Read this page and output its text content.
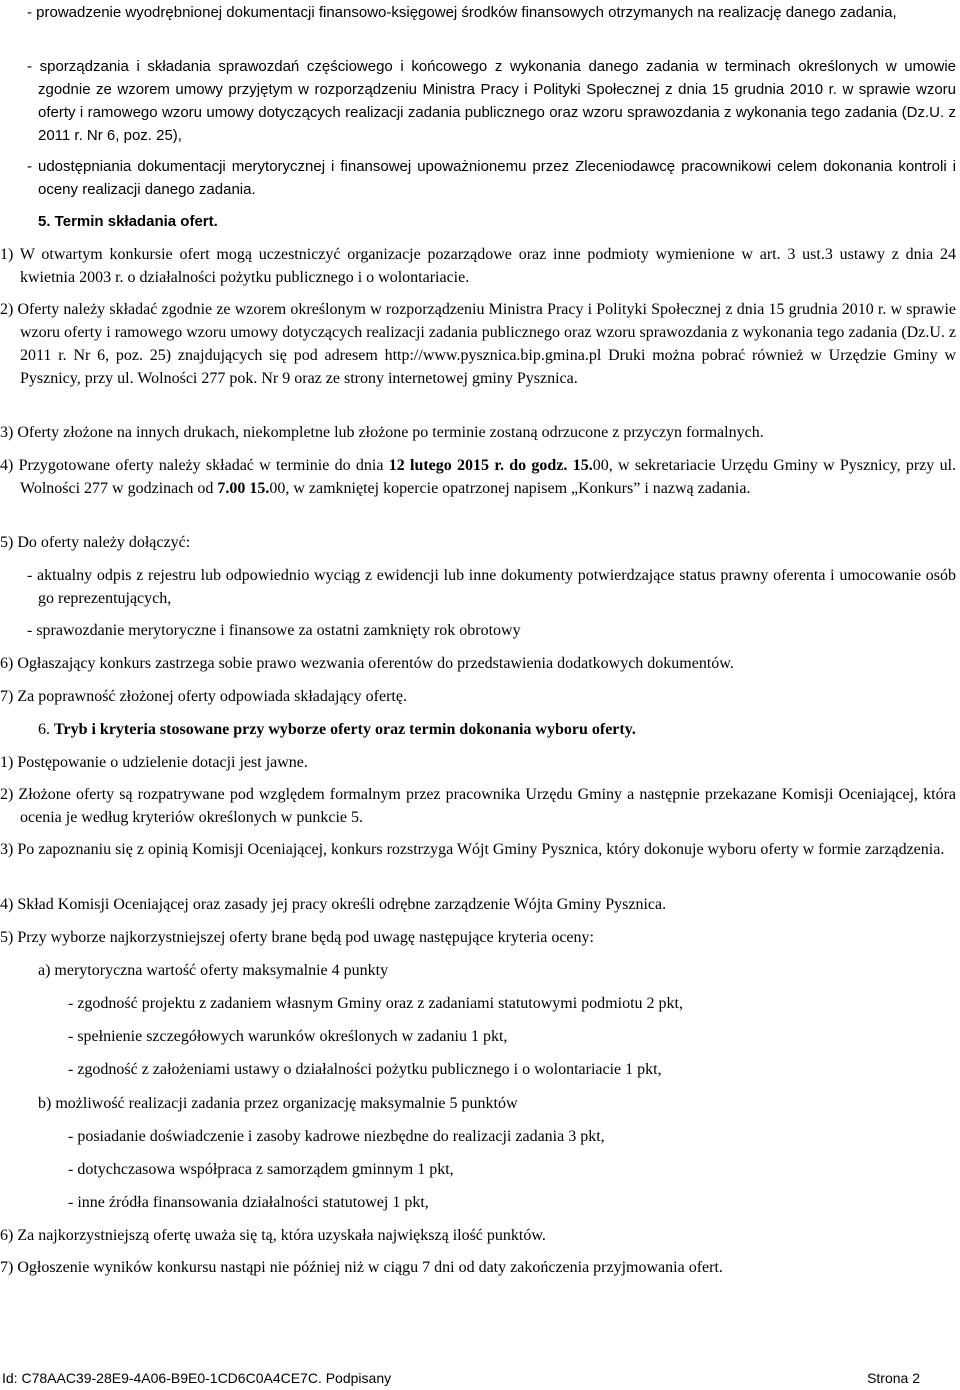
- prowadzenie wyodrębnionej dokumentacji finansowo-księgowej środków finansowych otrzymanych na realizację danego zadania,

- sporządzania i składania sprawozdań częściowego i końcowego z wykonania danego zadania w terminach określonych w umowie zgodnie ze wzorem umowy przyjętym w rozporządzeniu Ministra Pracy i Polityki Społecznej z dnia 15 grudnia 2010 r. w sprawie wzoru oferty i ramowego wzoru umowy dotyczących realizacji zadania publicznego oraz wzoru sprawozdania z wykonania tego zadania (Dz.U. z 2011 r. Nr 6, poz. 25),

- udostępniania dokumentacji merytorycznej i finansowej upoważnionemu przez Zleceniodawcę pracownikowi celem dokonania kontroli i oceny realizacji danego zadania.

5. Termin składania ofert.

1) W otwartym konkursie ofert mogą uczestniczyć organizacje pozarządowe oraz inne podmioty wymienione w art. 3 ust.3 ustawy z dnia 24 kwietnia 2003 r. o działalności pożytku publicznego i o wolontariacie.

2) Oferty należy składać zgodnie ze wzorem określonym w rozporządzeniu Ministra Pracy i Polityki Społecznej z dnia 15 grudnia 2010 r. w sprawie wzoru oferty i ramowego wzoru umowy dotyczących realizacji zadania publicznego oraz wzoru sprawozdania z wykonania tego zadania (Dz.U. z 2011 r. Nr 6, poz. 25) znajdujących się pod adresem http://www.pysznica.bip.gmina.pl Druki można pobrać również w Urzędzie Gminy w Pysznicy, przy ul. Wolności 277 pok. Nr 9 oraz ze strony internetowej gminy Pysznica.

3) Oferty złożone na innych drukach, niekompletne lub złożone po terminie zostaną odrzucone z przyczyn formalnych.

4) Przygotowane oferty należy składać w terminie do dnia 12 lutego 2015 r. do godz. 15.00, w sekretariacie Urzędu Gminy w Pysznicy, przy ul. Wolności 277 w godzinach od 7.00 15.00, w zamkniętej kopercie opatrzonej napisem „Konkurs” i nazwą zadania.

5) Do oferty należy dołączyć:

- aktualny odpis z rejestru lub odpowiednio wyciąg z ewidencji lub inne dokumenty potwierdzające status prawny oferenta i umocowanie osób go reprezentujących,

- sprawozdanie merytoryczne i finansowe za ostatni zamknięty rok obrotowy

6) Ogłaszający konkurs zastrzega sobie prawo wezwania oferentów do przedstawienia dodatkowych dokumentów.

7) Za poprawność złożonej oferty odpowiada składający ofertę.

6. Tryb i kryteria stosowane przy wyborze oferty oraz termin dokonania wyboru oferty.

1) Postępowanie o udzielenie dotacji jest jawne.

2) Złożone oferty są rozpatrywane pod względem formalnym przez pracownika Urzędu Gminy a następnie przekazane Komisji Oceniającej, która ocenia je według kryteriów określonych w punkcie 5.

3) Po zapoznaniu się z opinią Komisji Oceniającej, konkurs rozstrzyga Wójt Gminy Pysznica, który dokonuje wyboru oferty w formie zarządzenia.

4) Skład Komisji Oceniającej oraz zasady jej pracy określi odrębne zarządzenie Wójta Gminy Pysznica.

5) Przy wyborze najkorzystniejszej oferty brane będą pod uwagę następujące kryteria oceny:

a) merytoryczna wartość oferty maksymalnie 4 punkty

- zgodność projektu z zadaniem własnym Gminy oraz z zadaniami statutowymi podmiotu 2 pkt,

- spełnienie szczegółowych warunków określonych w zadaniu 1 pkt,

- zgodność z założeniami ustawy o działalności pożytku publicznego i o wolontariacie 1 pkt,

b) możliwość realizacji zadania przez organizację maksymalnie 5 punktów

- posiadanie doświadczenie i zasoby kadrowe niezbędne do realizacji zadania 3 pkt,

- dotychczasowa współpraca z samorządem gminnym 1 pkt,

- inne źródła finansowania działalności statutowej 1 pkt,

6) Za najkorzystniejszą ofertę uważa się tą, która uzyskała największą ilość punktów.

7) Ogłoszenie wyników konkursu nastąpi nie później niż w ciągu 7 dni od daty zakończenia przyjmowania ofert.

Id: C78AAC39-28E9-4A06-B9E0-1CD6C0A4CE7C. Podpisany	Strona 2
